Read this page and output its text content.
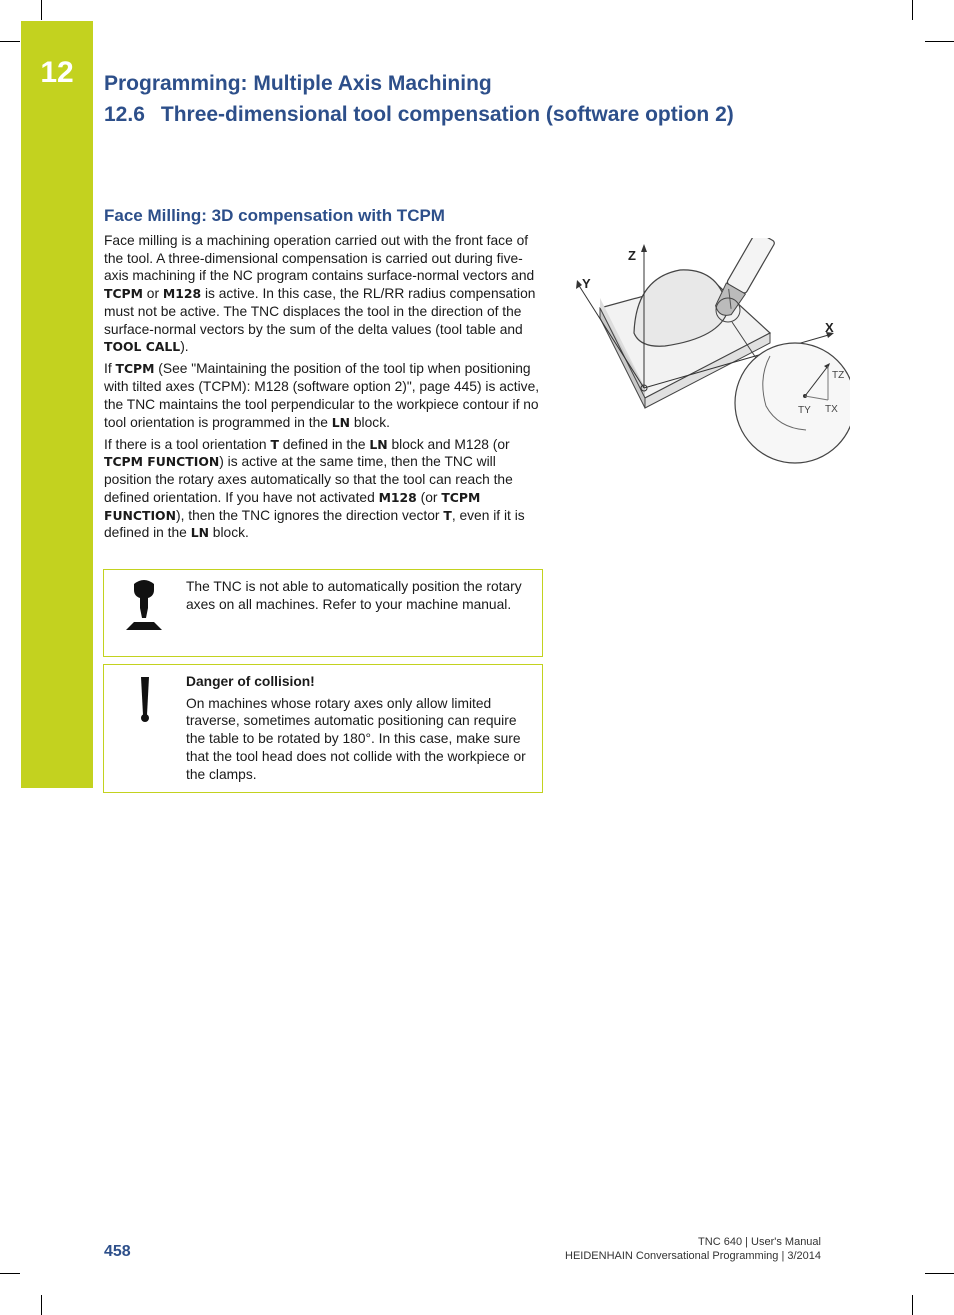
12	Programming: Multiple Axis Machining
12.6 Three-dimensional tool compensation (software option 2)
Face Milling: 3D compensation with TCPM

Face milling is a machining operation carried out with the front face of the tool. A three-dimensional compensation is carried out during five-axis machining if the NC program contains surface-normal vectors and TCPM or M128 is active. In this case, the RL/RR radius compensation must not be active. The TNC displaces the tool in the direction of the surface-normal vectors by the sum of the delta values (tool table and TOOL CALL).

If TCPM (See "Maintaining the position of the tool tip when positioning with tilted axes (TCPM): M128 (software option 2)", page 445) is active, the TNC maintains the tool perpendicular to the workpiece contour if no tool orientation is programmed in the LN block.

If there is a tool orientation T defined in the LN block and M128 (or TCPM FUNCTION) is active at the same time, then the TNC will position the rotary axes automatically so that the tool can reach the defined orientation. If you have not activated M128 (or TCPM FUNCTION), then the TNC ignores the direction vector T, even if it is defined in the LN block.

The TNC is not able to automatically position the rotary axes on all machines. Refer to your machine manual.

Danger of collision!

On machines whose rotary axes only allow limited traverse, sometimes automatic positioning can require the table to be rotated by 180°. In this case, make sure that the tool head does not collide with the workpiece or the clamps.

Z
Y
X
TZ
TY TX
458
TNC 640 | User's Manual
HEIDENHAIN Conversational Programming | 3/2014
